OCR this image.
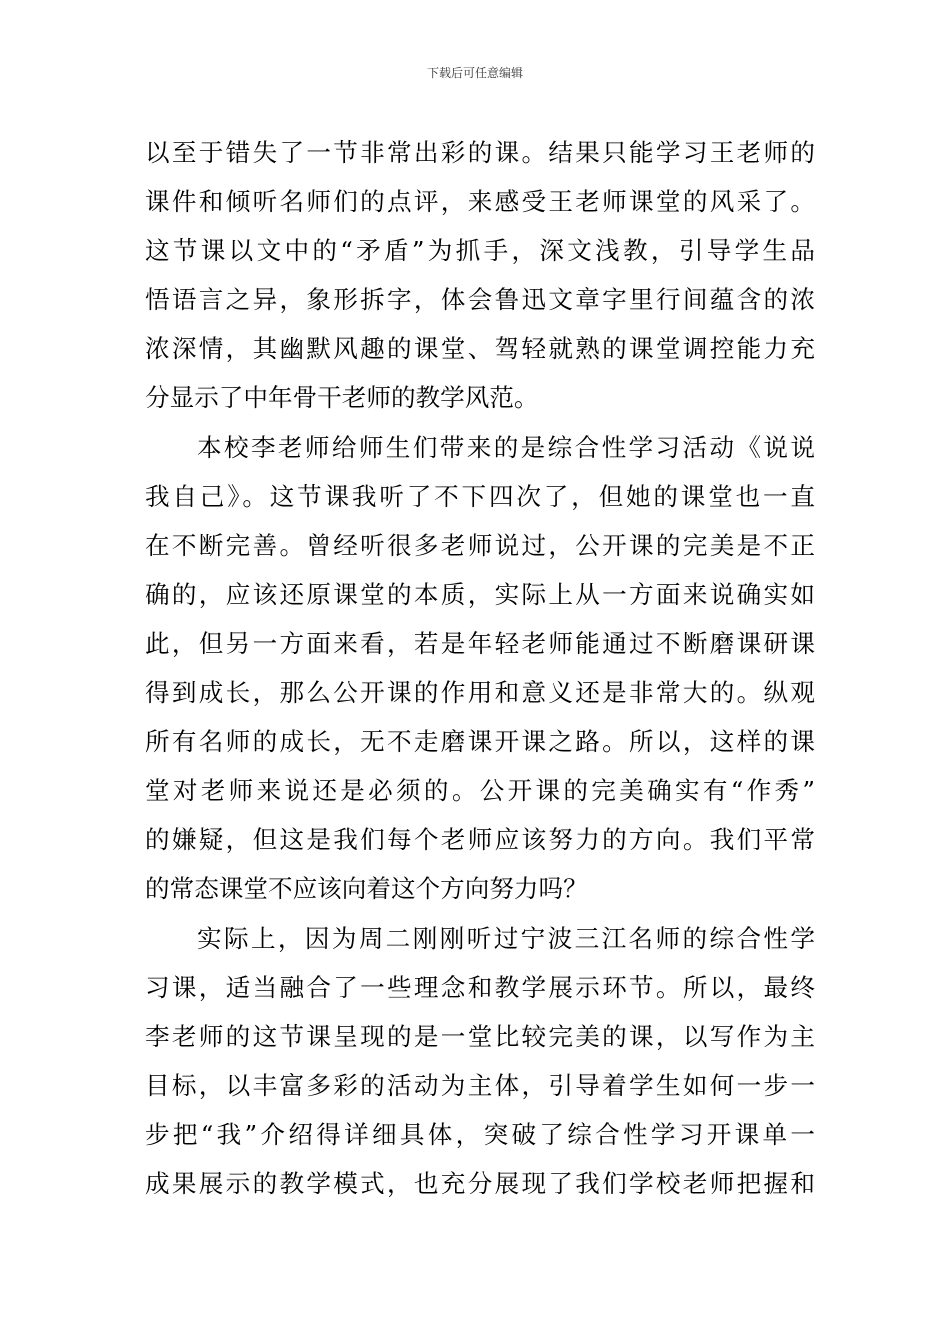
下载后可任意编辑
以至于错失了一节非常出彩的课。结果只能学习王老师的
课件和倾听名师们的点评，来感受王老师课堂的风采了。
这节课以文中的“矛盾”为抓手，深文浅教，引导学生品
悟语言之异，象形拆字，体会鲁迅文章字里行间蕴含的浓
浓深情，其幽默风趣的课堂、驾轻就熟的课堂调控能力充
分显示了中年骨干老师的教学风范。
本校李老师给师生们带来的是综合性学习活动《说说
我自己》。这节课我听了不下四次了，但她的课堂也一直
在不断完善。曾经听很多老师说过，公开课的完美是不正
确的，应该还原课堂的本质，实际上从一方面来说确实如
此，但另一方面来看，若是年轻老师能通过不断磨课研课
得到成长，那么公开课的作用和意义还是非常大的。纵观
所有名师的成长，无不走磨课开课之路。所以，这样的课
堂对老师来说还是必须的。公开课的完美确实有“作秀”
的嫌疑，但这是我们每个老师应该努力的方向。我们平常
的常态课堂不应该向着这个方向努力吗？
实际上，因为周二刚刚听过宁波三江名师的综合性学
习课，适当融合了一些理念和教学展示环节。所以，最终
李老师的这节课呈现的是一堂比较完美的课，以写作为主
目标，以丰富多彩的活动为主体，引导着学生如何一步一
步把“我”介绍得详细具体，突破了综合性学习开课单一
成果展示的教学模式，也充分展现了我们学校老师把握和
